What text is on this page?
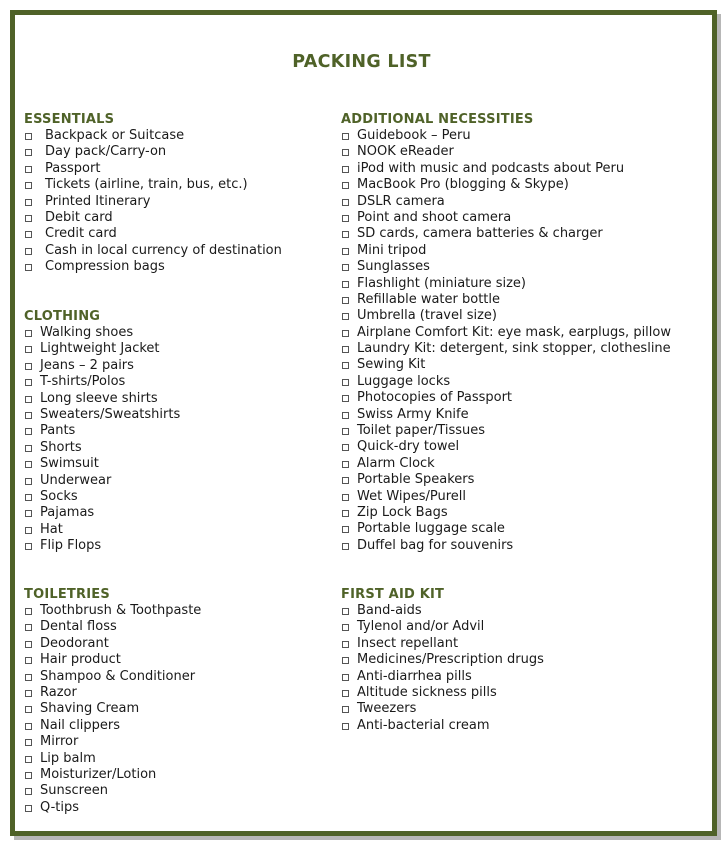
PACKING LIST
ESSENTIALS
Backpack or Suitcase
Day pack/Carry-on
Passport
Tickets (airline, train, bus, etc.)
Printed Itinerary
Debit card
Credit card
Cash in local currency of destination
Compression bags
CLOTHING
Walking shoes
Lightweight Jacket
Jeans – 2 pairs
T-shirts/Polos
Long sleeve shirts
Sweaters/Sweatshirts
Pants
Shorts
Swimsuit
Underwear
Socks
Pajamas
Hat
Flip Flops
TOILETRIES
Toothbrush & Toothpaste
Dental floss
Deodorant
Hair product
Shampoo & Conditioner
Razor
Shaving Cream
Nail clippers
Mirror
Lip balm
Moisturizer/Lotion
Sunscreen
Q-tips
ADDITIONAL NECESSITIES
Guidebook – Peru
NOOK eReader
iPod with music and podcasts about Peru
MacBook Pro (blogging & Skype)
DSLR camera
Point and shoot camera
SD cards, camera batteries & charger
Mini tripod
Sunglasses
Flashlight (miniature size)
Refillable water bottle
Umbrella (travel size)
Airplane Comfort Kit: eye mask, earplugs, pillow
Laundry Kit: detergent, sink stopper, clothesline
Sewing Kit
Luggage locks
Photocopies of Passport
Swiss Army Knife
Toilet paper/Tissues
Quick-dry towel
Alarm Clock
Portable Speakers
Wet Wipes/Purell
Zip Lock Bags
Portable luggage scale
Duffel bag for souvenirs
FIRST AID KIT
Band-aids
Tylenol and/or Advil
Insect repellant
Medicines/Prescription drugs
Anti-diarrhea pills
Altitude sickness pills
Tweezers
Anti-bacterial cream
